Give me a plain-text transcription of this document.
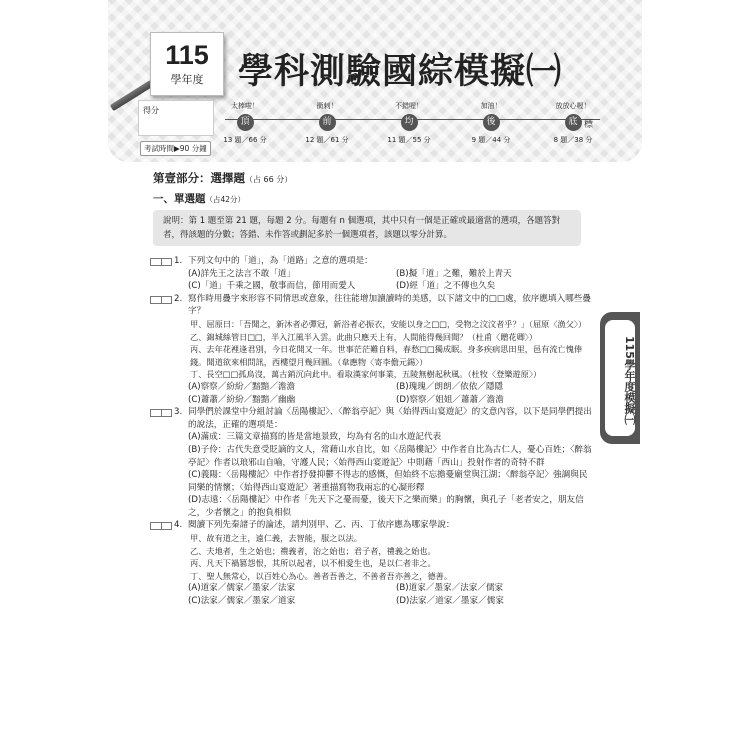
115
學年度 學科測驗國綜模擬㈠
得分
考試時間▶90 分鐘
太棒啦！
頂
13 題／66 分
衝刺！
前
12 題／61 分
不錯喔！
均
11 題／55 分
加油！
後
9 題／44 分
放放心喔！
底 標
8 題／38 分
115學年度模擬㈠
第壹部分：選擇題（占 66 分）
一、單選題（占42分）
說明：第 1 題至第 21 題，每題 2 分。每題有 n 個選項，其中只有一個是正確或最適當的選項，各題答對者，得該題的分數；答錯、未作答或劃記多於一個選項者，該題以零分計算。
1. 下列文句中的「道」，為「道路」之意的選項是：
(A)詳先王之法言不敢「道」	(B)擬「道」之難，難於上青天
(C)「道」千乘之國，敬事而信，節用而愛人	(D)經「道」之不傳也久矣
2. 寫作時用疊字來形容不同情思或意象，往往能增加讀讀時的美感，以下諸文中的□□處，依序應填入哪些疊字？
甲、屈原曰：「吾聞之，新沐者必彈冠，新浴者必振衣，安能以身之□□，受物之汶汶者乎？」（屈原〈漁父〉）
乙、錦城絲管日□□，半入江風半入雲。此曲只應天上有，人間能得幾回聞？（杜甫〈贈花卿〉）
丙、去年花裡逢君別，今日花開又一年。世事茫茫難自料，春愁□□獨成眠。身多疾病思田里，邑有流亡愧俸錢。聞道欲來相問訊，西樓望月幾回圓。（韋應物〈寄李儋元錫〉）
丁、長空□□孤鳥沒，萬古銷沉向此中。看取漢家何事業，五陵無樹起秋風。（杜牧〈登樂遊原〉）
(A)察察／紛紛／黯黯／澹澹	(B)瑰瑰／朗朗／依依／隱隱
(C)蕭蕭／紛紛／黯黯／幽幽	(D)察察／姐姐／蕭蕭／澹澹
3. 同學們於課堂中分組討論〈岳陽樓記〉、〈醉翁亭記〉與〈始得西山宴遊記〉的文意內容，以下是同學們提出的說法，正確的選項是：
(A)滿成：三篇文章描寫的皆是當地景致，均為有名的山水遊記代表
(B)子伶：古代失意受貶謫的文人，常藉山水自比，如〈岳陽樓記〉中作者自比為古仁人，憂心百姓；〈醉翁亭記〉作者以琅邪山自喻，守護人民；〈始得西山宴遊記〉中則藉「西山」投射作者的奇特不群
(C)義陽：〈岳陽樓記〉中作者抒發抑鬱不得志的感慨，但始終不忘擔憂廟堂與江湖；〈醉翁亭記〉強調與民同樂的情懷；〈始得西山宴遊記〉著重描寫物我兩忘的心凝形釋
(D)志遠：〈岳陽樓記〉中作者「先天下之憂而憂，後天下之樂而樂」的胸懷，與孔子「老者安之，朋友信之，少者懷之」的抱負相似
4. 閱讀下列先秦諸子的論述，請判別甲、乙、丙、丁依序應為哪家學說：
甲、故有道之主，遠仁義，去智能，服之以法。
乙、夫地者，生之始也；禮義者，治之始也；君子者，禮義之始也。
丙、凡天下禍篡怨恨，其所以起者，以不相愛生也，是以仁者非之。
丁、聖人無常心，以百姓心為心。善者吾善之，不善者吾亦善之，德善。
(A)道家／儒家／墨家／法家	(B)道家／墨家／法家／儒家
(C)法家／儒家／墨家／道家	(D)法家／道家／墨家／儒家
